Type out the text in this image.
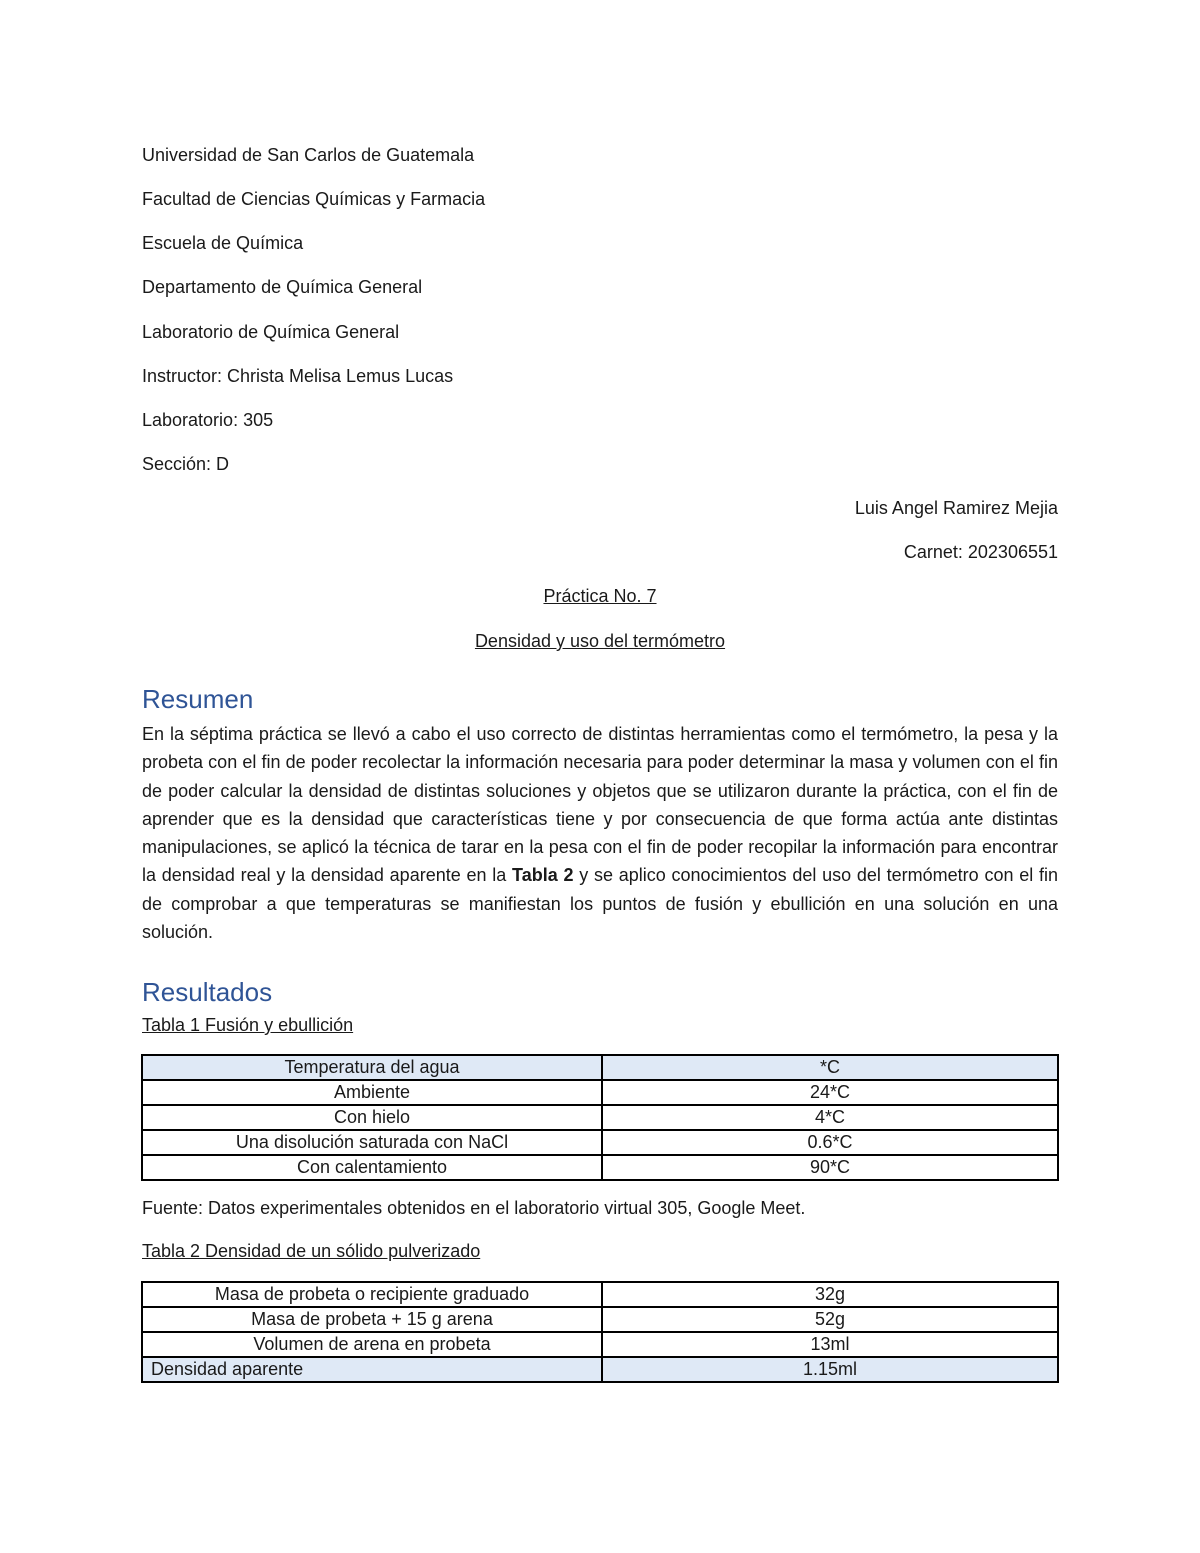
Universidad de San Carlos de Guatemala
Facultad de Ciencias Químicas y Farmacia
Escuela de Química
Departamento de Química General
Laboratorio de Química General
Instructor: Christa Melisa Lemus Lucas
Laboratorio: 305
Sección: D
Luis Angel Ramirez Mejia
Carnet: 202306551
Práctica No. 7
Densidad y uso del termómetro
Resumen
En la séptima práctica se llevó a cabo el uso correcto de distintas herramientas como el termómetro, la pesa y la probeta con el fin de poder recolectar la información necesaria para poder determinar la masa y volumen con el fin de poder calcular la densidad de distintas soluciones y objetos que se utilizaron durante la práctica, con el fin de aprender que es la densidad que características tiene y por consecuencia de que forma actúa ante distintas manipulaciones, se aplicó la técnica de tarar en la pesa con el fin de poder recopilar la información para encontrar la densidad real y la densidad aparente en la Tabla 2 y se aplico conocimientos del uso del termómetro con el fin de comprobar a que temperaturas se manifiestan los puntos de fusión y ebullición en una solución en una solución.
Resultados
Tabla 1 Fusión y ebullición
Temperatura del agua	*C
Ambiente	24*C
Con hielo	4*C
Una disolución saturada con NaCl	0.6*C
Con calentamiento	90*C
Fuente: Datos experimentales obtenidos en el laboratorio virtual 305, Google Meet.
Tabla 2 Densidad de un sólido pulverizado
Masa de probeta o recipiente graduado	32g
Masa de probeta + 15 g arena	52g
Volumen de arena en probeta	13ml
Densidad aparente	1.15ml
